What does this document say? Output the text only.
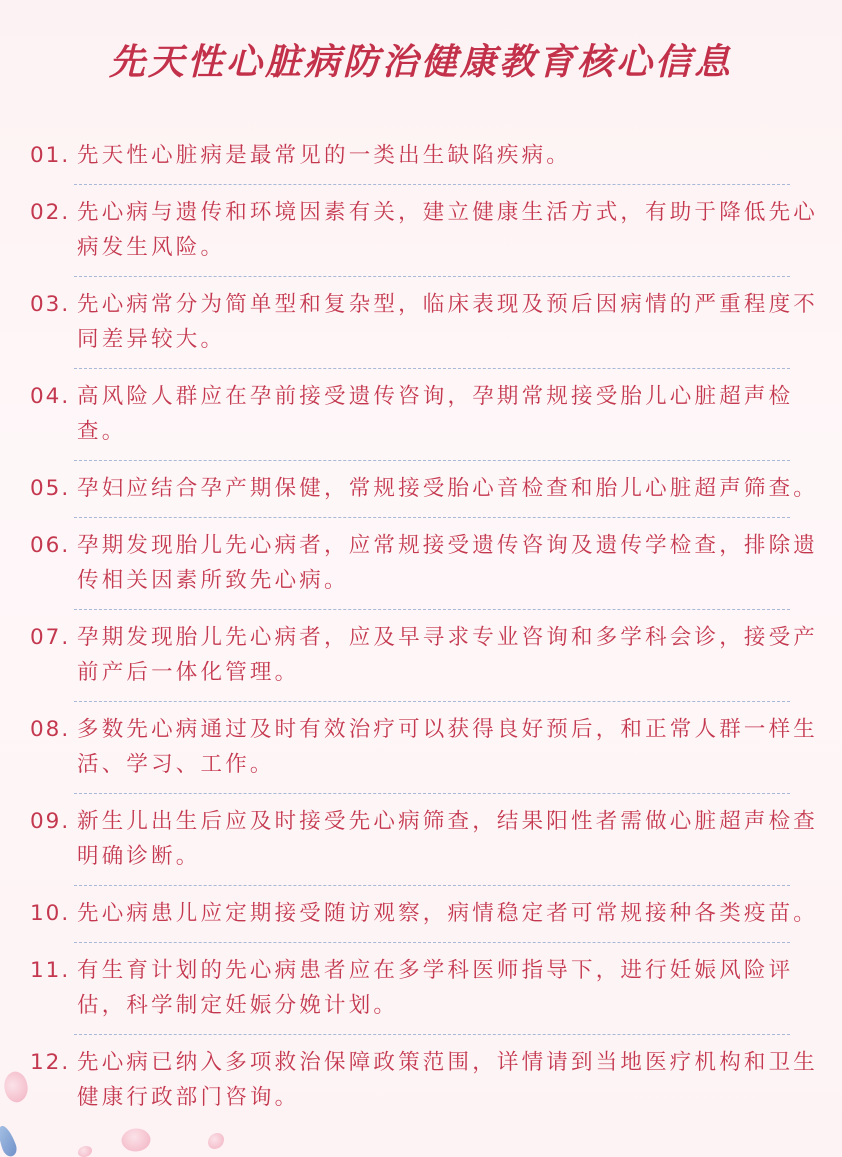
先天性心脏病防治健康教育核心信息
01. 先天性心脏病是最常见的一类出生缺陷疾病。
02. 先心病与遗传和环境因素有关，建立健康生活方式，有助于降低先心病发生风险。
03. 先心病常分为简单型和复杂型，临床表现及预后因病情的严重程度不同差异较大。
04. 高风险人群应在孕前接受遗传咨询，孕期常规接受胎儿心脏超声检查。
05. 孕妇应结合孕产期保健，常规接受胎心音检查和胎儿心脏超声筛查。
06. 孕期发现胎儿先心病者，应常规接受遗传咨询及遗传学检查，排除遗传相关因素所致先心病。
07. 孕期发现胎儿先心病者，应及早寻求专业咨询和多学科会诊，接受产前产后一体化管理。
08. 多数先心病通过及时有效治疗可以获得良好预后，和正常人群一样生活、学习、工作。
09. 新生儿出生后应及时接受先心病筛查，结果阳性者需做心脏超声检查明确诊断。
10. 先心病患儿应定期接受随访观察，病情稳定者可常规接种各类疫苗。
11. 有生育计划的先心病患者应在多学科医师指导下，进行妊娠风险评估，科学制定妊娠分娩计划。
12. 先心病已纳入多项救治保障政策范围，详情请到当地医疗机构和卫生健康行政部门咨询。
